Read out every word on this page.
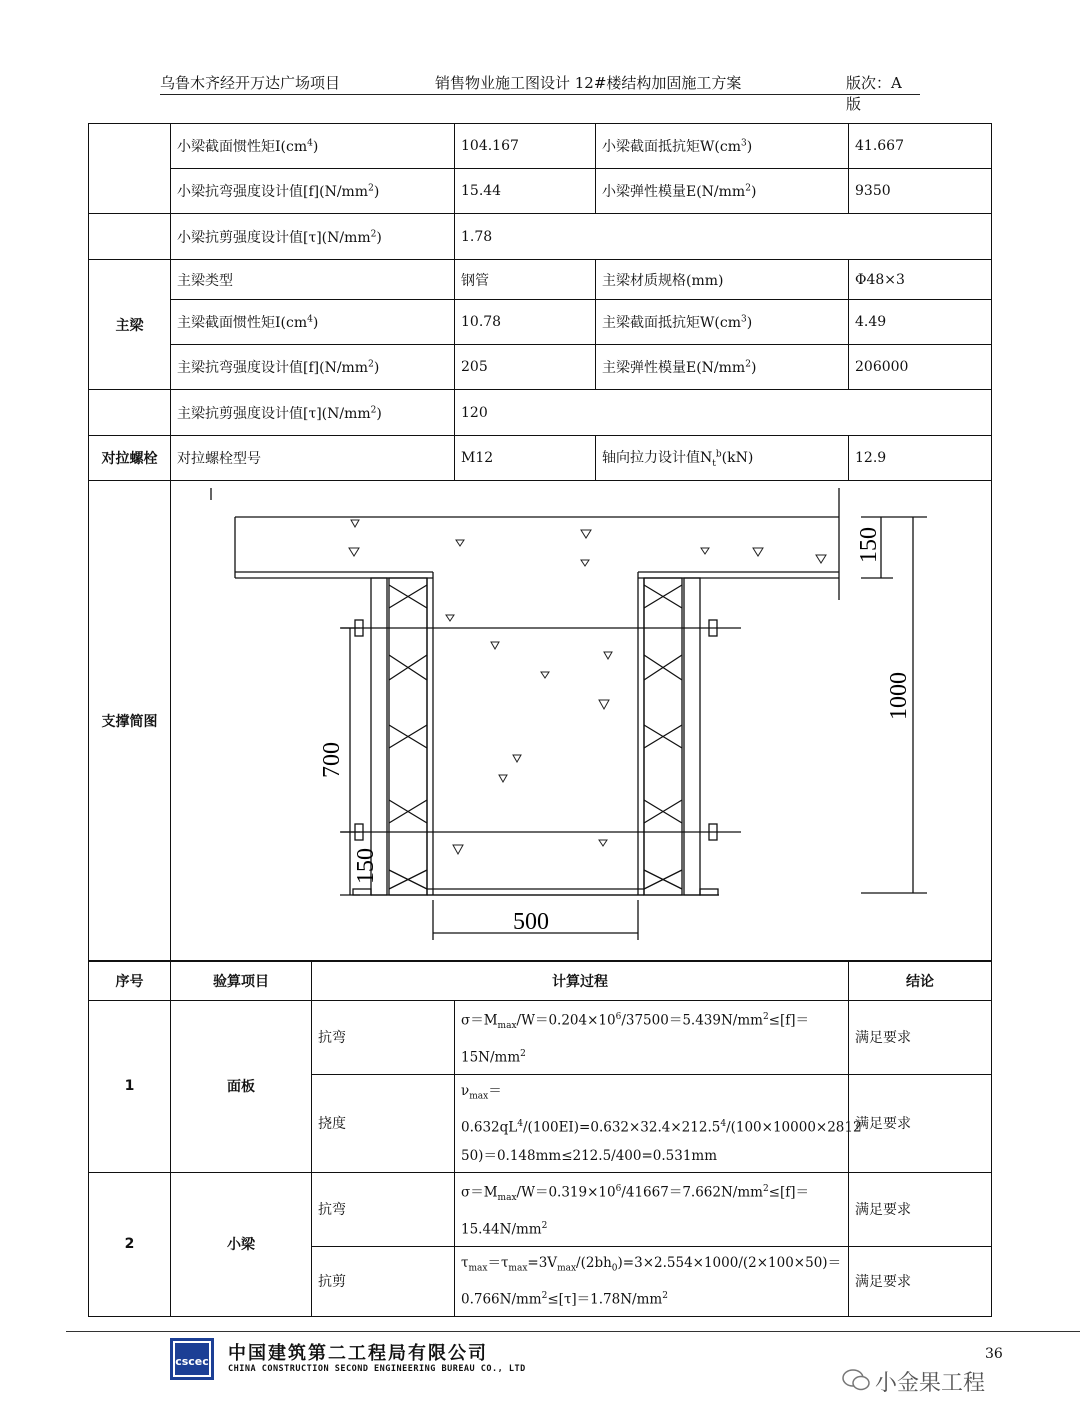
乌鲁木齐经开万达广场项目	销售物业施工图设计 12#楼结构加固施工方案	版次：A 版
	小梁截面惯性矩$I(cm^4)$	104.167	小梁截面抵抗矩$W(cm^3)$	41.667
	小梁抗弯强度设计值$[f](N/mm^2)$	15.44	小梁弹性模量$E(N/mm^2)$	9350
	小梁抗剪强度设计值$[\tau](N/mm^2)$	1.78		
主梁	主梁类型	钢管	主梁材质规格(mm)	Φ48×3
	主梁截面惯性矩$I(cm^4)$	10.78	主梁截面抵抗矩$W(cm^3)$	4.49
	主梁抗弯强度设计值$[f](N/mm^2)$	205	主梁弹性模量$E(N/mm^2)$	206000
	主梁抗剪强度设计值$[\tau](N/mm^2)$	120		
对拉螺栓	对拉螺栓型号	M12	轴向拉力设计值$N_t^b(kN)$	12.9
支撑简图	150
1000
700
150
500			
序号	验算项目	计算过程		结论
1	面板	抗弯	$\sigma=M_{max}/W=0.204\times 10^6/37500=5.439N/mm^2\le[f]=$
$15N/mm^2$	满足要求
		挠度	$\nu_{max}=$
$0.632qL^4/(100EI)=0.632\times 32.4\times 212.5^4/(100\times 10000\times 2812$
50)＝0.148mm≤212.5/400=0.531mm	满足要求
2	小梁	抗弯	$\sigma=M_{max}/W=0.319\times 10^6/41667=7.662N/mm^2\le[f]=$
$15.44N/mm^2$	满足要求
		抗剪	$\tau_{max}=\tau_{max}=3V_{max}/(2bh_0)=3\times 2.554\times 1000/(2\times 100\times 50)=$
$0.766N/mm^2\le[\tau]=1.78N/mm^2$	满足要求
cscec 中国建筑第二工程局有限公司
CHINA CONSTRUCTION SECOND ENGINEERING BUREAU CO., LTD
36
小金果工程
